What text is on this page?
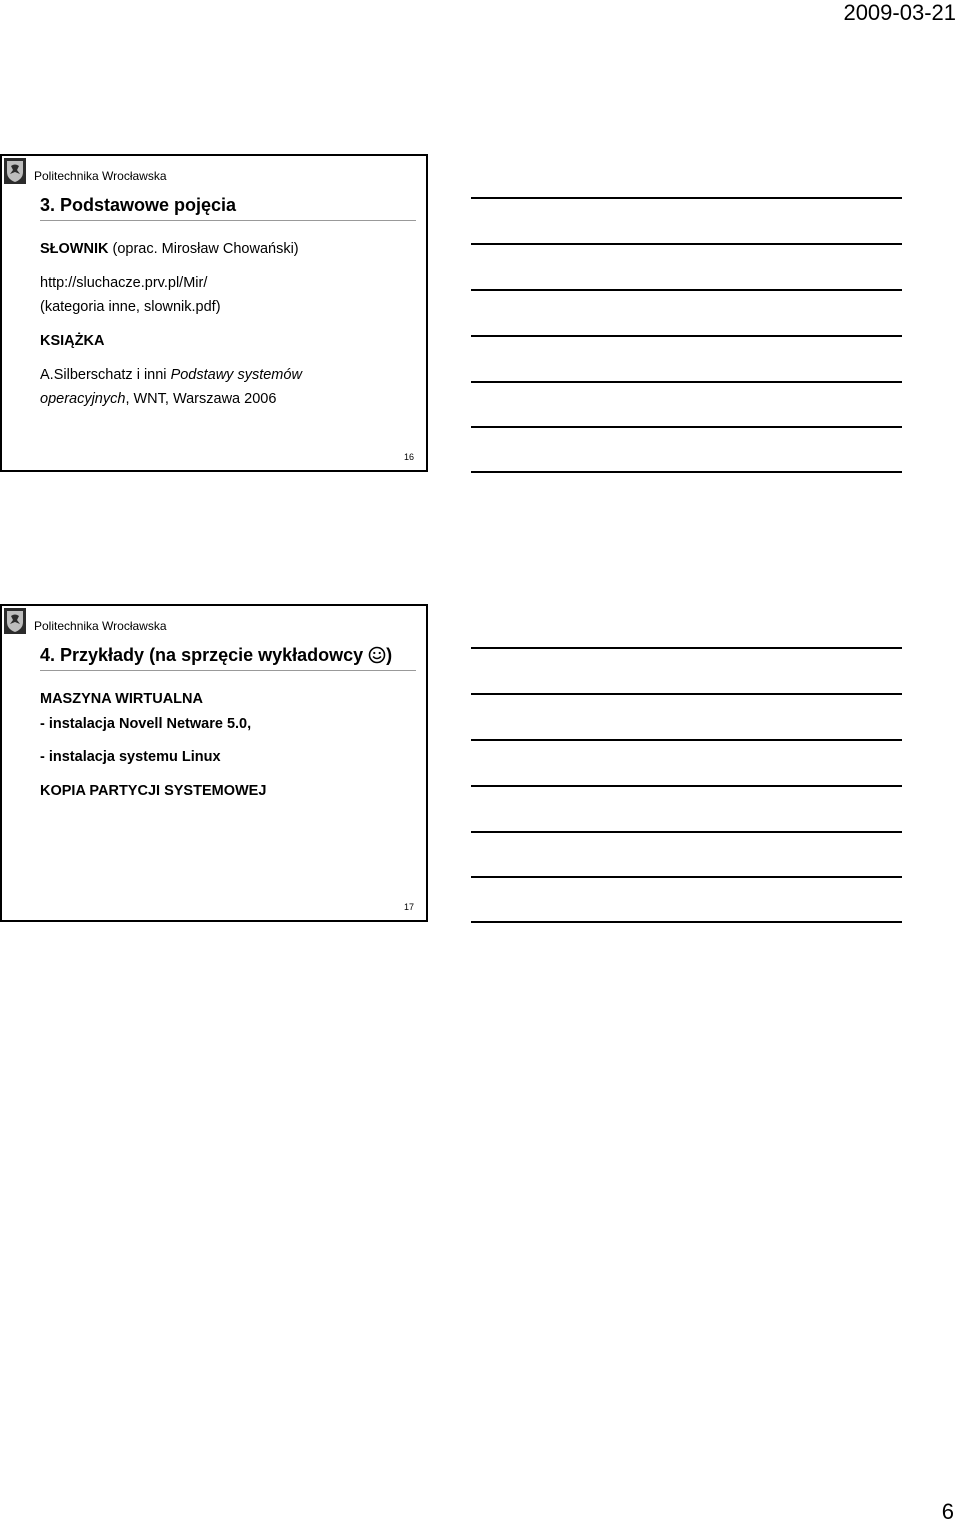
2009-03-21
Politechnika Wrocławska
3. Podstawowe pojęcia
SŁOWNIK (oprac. Mirosław Chowański)
http://sluchacze.prv.pl/Mir/
(kategoria inne, slownik.pdf)
KSIĄŻKA
A.Silberschatz i inni Podstawy systemów
operacyjnych, WNT, Warszawa 2006
16
Politechnika Wrocławska
4. Przykłady (na sprzęcie wykładowcy )
MASZYNA WIRTUALNA
- instalacja Novell Netware 5.0,
- instalacja systemu Linux
KOPIA PARTYCJI SYSTEMOWEJ
17
6
